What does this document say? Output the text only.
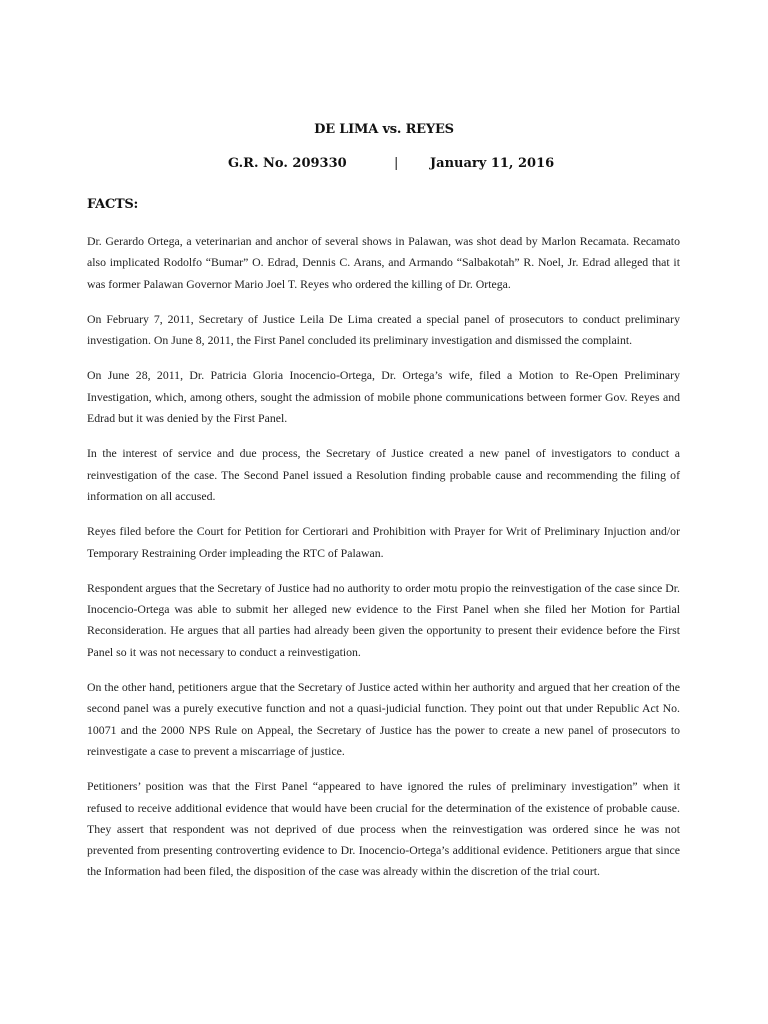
DE LIMA vs. REYES
G.R. No. 209330	| January 11, 2016
FACTS:

Dr. Gerardo Ortega, a veterinarian and anchor of several shows in Palawan, was shot dead by Marlon Recamata. Recamato also implicated Rodolfo “Bumar” O. Edrad, Dennis C. Arans, and Armando “Salbakotah” R. Noel, Jr. Edrad alleged that it was former Palawan Governor Mario Joel T. Reyes who ordered the killing of Dr. Ortega.

On February 7, 2011, Secretary of Justice Leila De Lima created a special panel of prosecutors to conduct preliminary investigation. On June 8, 2011, the First Panel concluded its preliminary investigation and dismissed the complaint.

On June 28, 2011, Dr. Patricia Gloria Inocencio-Ortega, Dr. Ortega’s wife, filed a Motion to Re-Open Preliminary Investigation, which, among others, sought the admission of mobile phone communications between former Gov. Reyes and Edrad but it was denied by the First Panel.

In the interest of service and due process, the Secretary of Justice created a new panel of investigators to conduct a reinvestigation of the case. The Second Panel issued a Resolution finding probable cause and recommending the filing of information on all accused.

Reyes filed before the Court for Petition for Certiorari and Prohibition with Prayer for Writ of Preliminary Injuction and/or Temporary Restraining Order impleading the RTC of Palawan.

Respondent argues that the Secretary of Justice had no authority to order motu propio the reinvestigation of the case since Dr. Inocencio-Ortega was able to submit her alleged new evidence to the First Panel when she filed her Motion for Partial Reconsideration. He argues that all parties had already been given the opportunity to present their evidence before the First Panel so it was not necessary to conduct a reinvestigation.

On the other hand, petitioners argue that the Secretary of Justice acted within her authority and argued that her creation of the second panel was a purely executive function and not a quasi-judicial function. They point out that under Republic Act No. 10071 and the 2000 NPS Rule on Appeal, the Secretary of Justice has the power to create a new panel of prosecutors to reinvestigate a case to prevent a miscarriage of justice.

Petitioners’ position was that the First Panel “appeared to have ignored the rules of preliminary investigation” when it refused to receive additional evidence that would have been crucial for the determination of the existence of probable cause. They assert that respondent was not deprived of due process when the reinvestigation was ordered since he was not prevented from presenting controverting evidence to Dr. Inocencio-Ortega’s additional evidence. Petitioners argue that since the Information had been filed, the disposition of the case was already within the discretion of the trial court.
